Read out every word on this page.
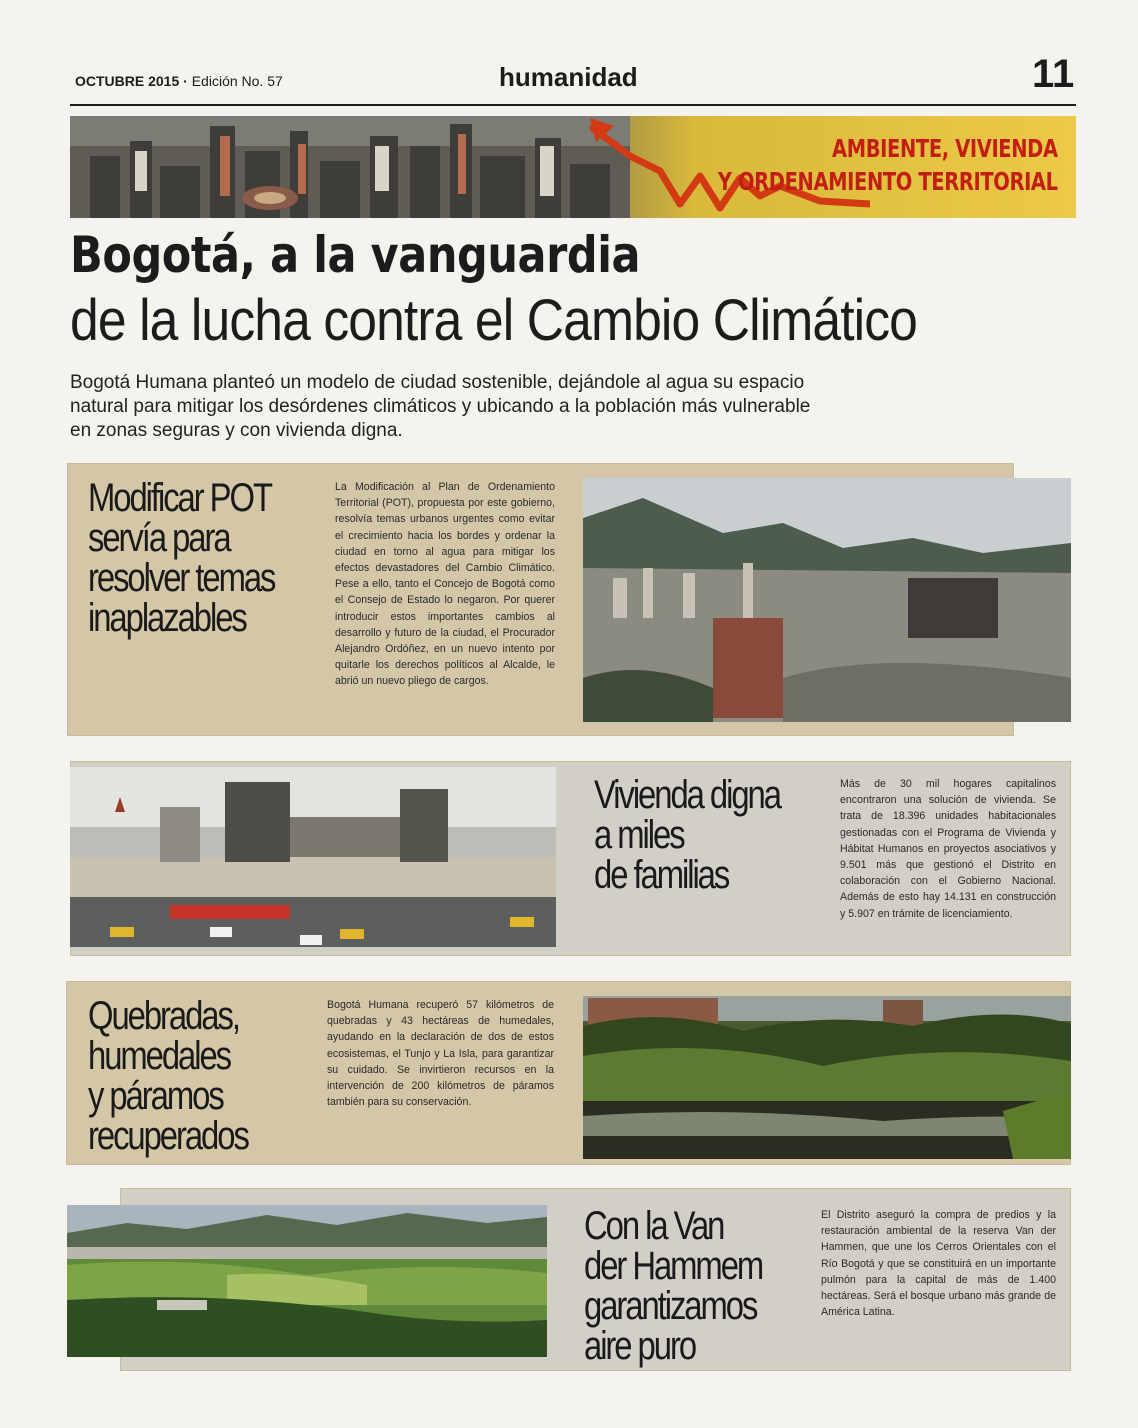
OCTUBRE 2015 · Edición No. 57	humanidad	11
AMBIENTE, VIVIENDA
Y ORDENAMIENTO TERRITORIAL
Bogotá, a la vanguardia
de la lucha contra el Cambio Climático
Bogotá Humana planteó un modelo de ciudad sostenible, dejándole al agua su espacio natural para mitigar los desórdenes climáticos y ubicando a la población más vulnerable en zonas seguras y con vivienda digna.
Modificar POT
servía para
resolver temas
inaplazables
La Modificación al Plan de Ordenamiento Territorial (POT), propuesta por este gobierno, resolvía temas urbanos urgentes como evitar el crecimiento hacia los bordes y ordenar la ciudad en torno al agua para mitigar los efectos devastadores del Cambio Climático. Pese a ello, tanto el Concejo de Bogotá como el Consejo de Estado lo negaron. Por querer introducir estos importantes cambios al desarrollo y futuro de la ciudad, el Procurador Alejandro Ordóñez, en un nuevo intento por quitarle los derechos políticos al Alcalde, le abrió un nuevo pliego de cargos.
Vivienda digna
a miles
de familias
Más de 30 mil hogares capitalinos encontraron una solución de vivienda. Se trata de 18.396 unidades habitacionales gestionadas con el Programa de Vivienda y Hábitat Humanos en proyectos asociativos y 9.501 más que gestionó el Distrito en colaboración con el Gobierno Nacional. Además de esto hay 14.131 en construcción y 5.907 en trámite de licenciamiento.
Quebradas,
humedales
y páramos
recuperados
Bogotá Humana recuperó 57 kilómetros de quebradas y 43 hectáreas de humedales, ayudando en la declaración de dos de estos ecosistemas, el Tunjo y La Isla, para garantizar su cuidado. Se invirtieron recursos en la intervención de 200 kilómetros de páramos también para su conservación.
Con la Van
der Hammem
garantizamos
aire puro
El Distrito aseguró la compra de predios y la restauración ambiental de la reserva Van der Hammen, que une los Cerros Orientales con el Río Bogotá y que se constituirá en un importante pulmón para la capital de más de 1.400 hectáreas. Será el bosque urbano más grande de América Latina.
